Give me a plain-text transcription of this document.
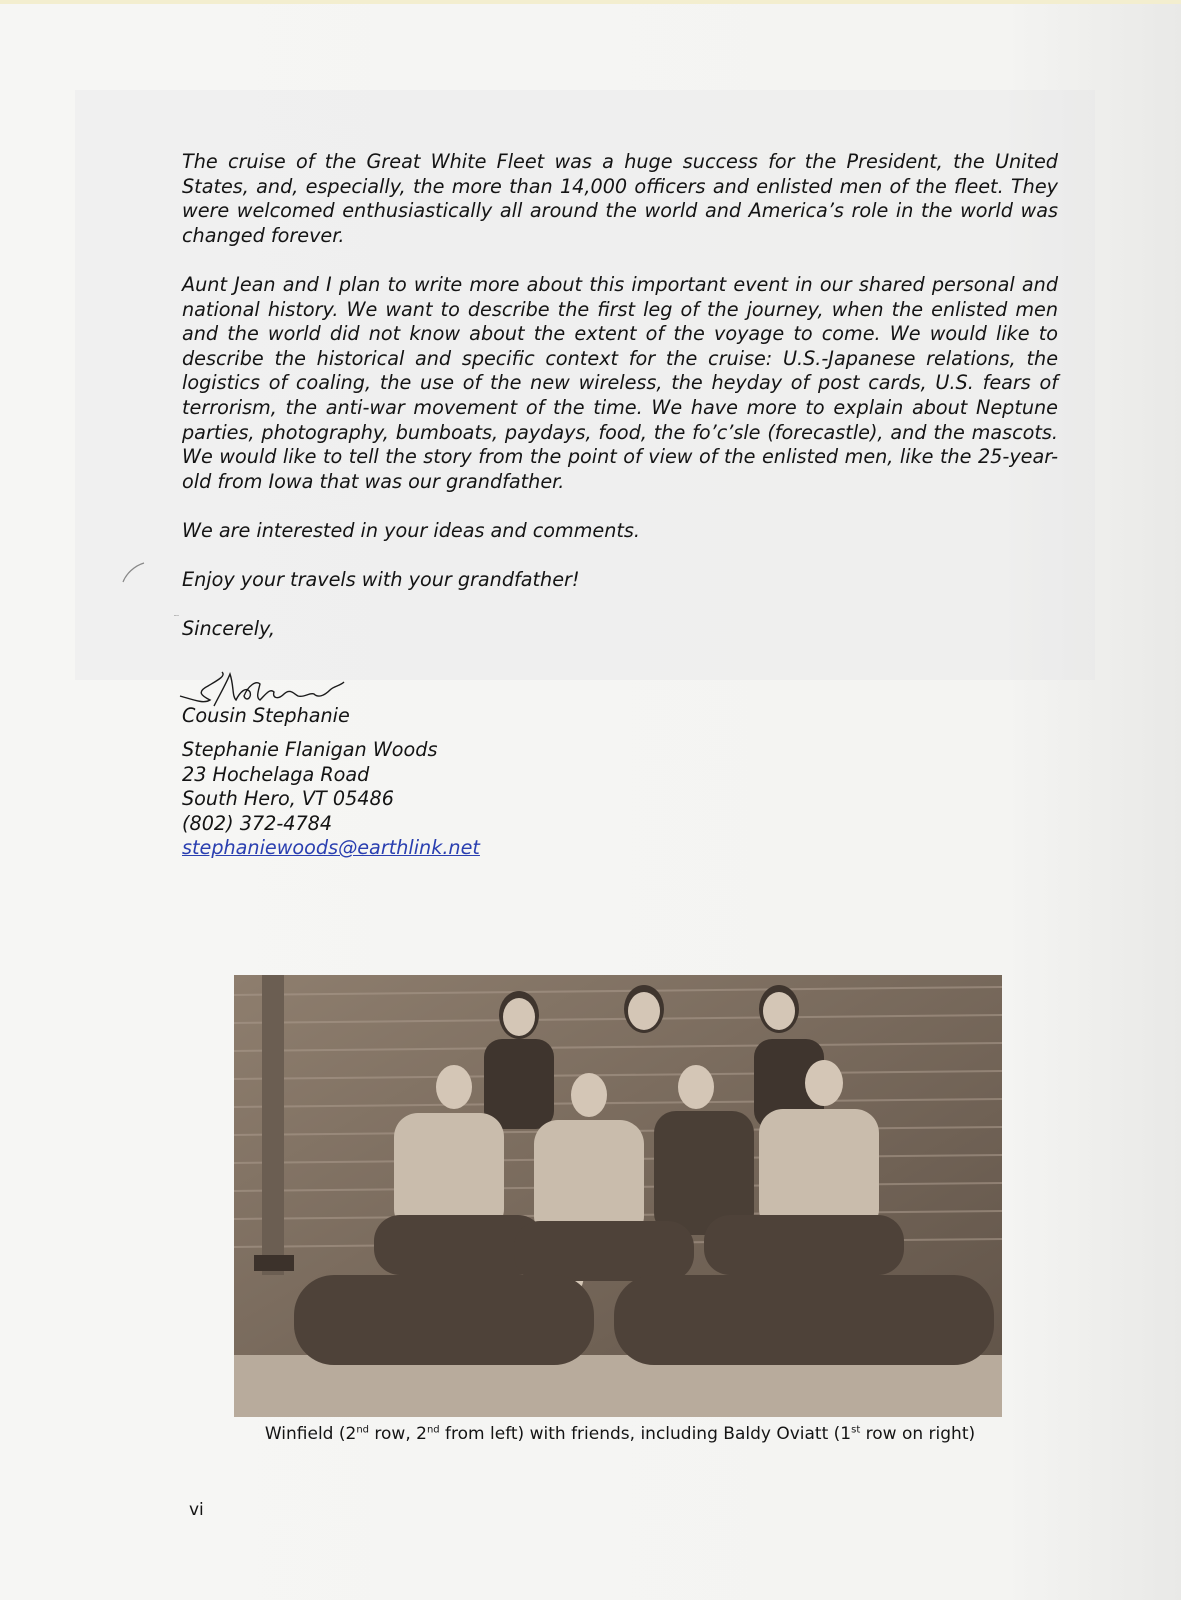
The cruise of the Great White Fleet was a huge success for the President, the United States, and, especially, the more than 14,000 officers and enlisted men of the fleet. They were welcomed enthusiastically all around the world and America’s role in the world was changed forever.

Aunt Jean and I plan to write more about this important event in our shared personal and national history. We want to describe the first leg of the journey, when the enlisted men and the world did not know about the extent of the voyage to come. We would like to describe the historical and specific context for the cruise: U.S.-Japanese relations, the logistics of coaling, the use of the new wireless, the heyday of post cards, U.S. fears of terrorism, the anti-war movement of the time. We have more to explain about Neptune parties, photography, bumboats, paydays, food, the fo’c’sle (forecastle), and the mascots. We would like to tell the story from the point of view of the enlisted men, like the 25-year-old from Iowa that was our grandfather.

We are interested in your ideas and comments.

Enjoy your travels with your grandfather!

Sincerely,

Stephanie

Cousin Stephanie

Stephanie Flanigan Woods
23 Hochelaga Road
South Hero, VT 05486
(802) 372-4784
stephaniewoods@earthlink.net
Winfield (2nd row, 2nd from left) with friends, including Baldy Oviatt (1st row on right)
vi
